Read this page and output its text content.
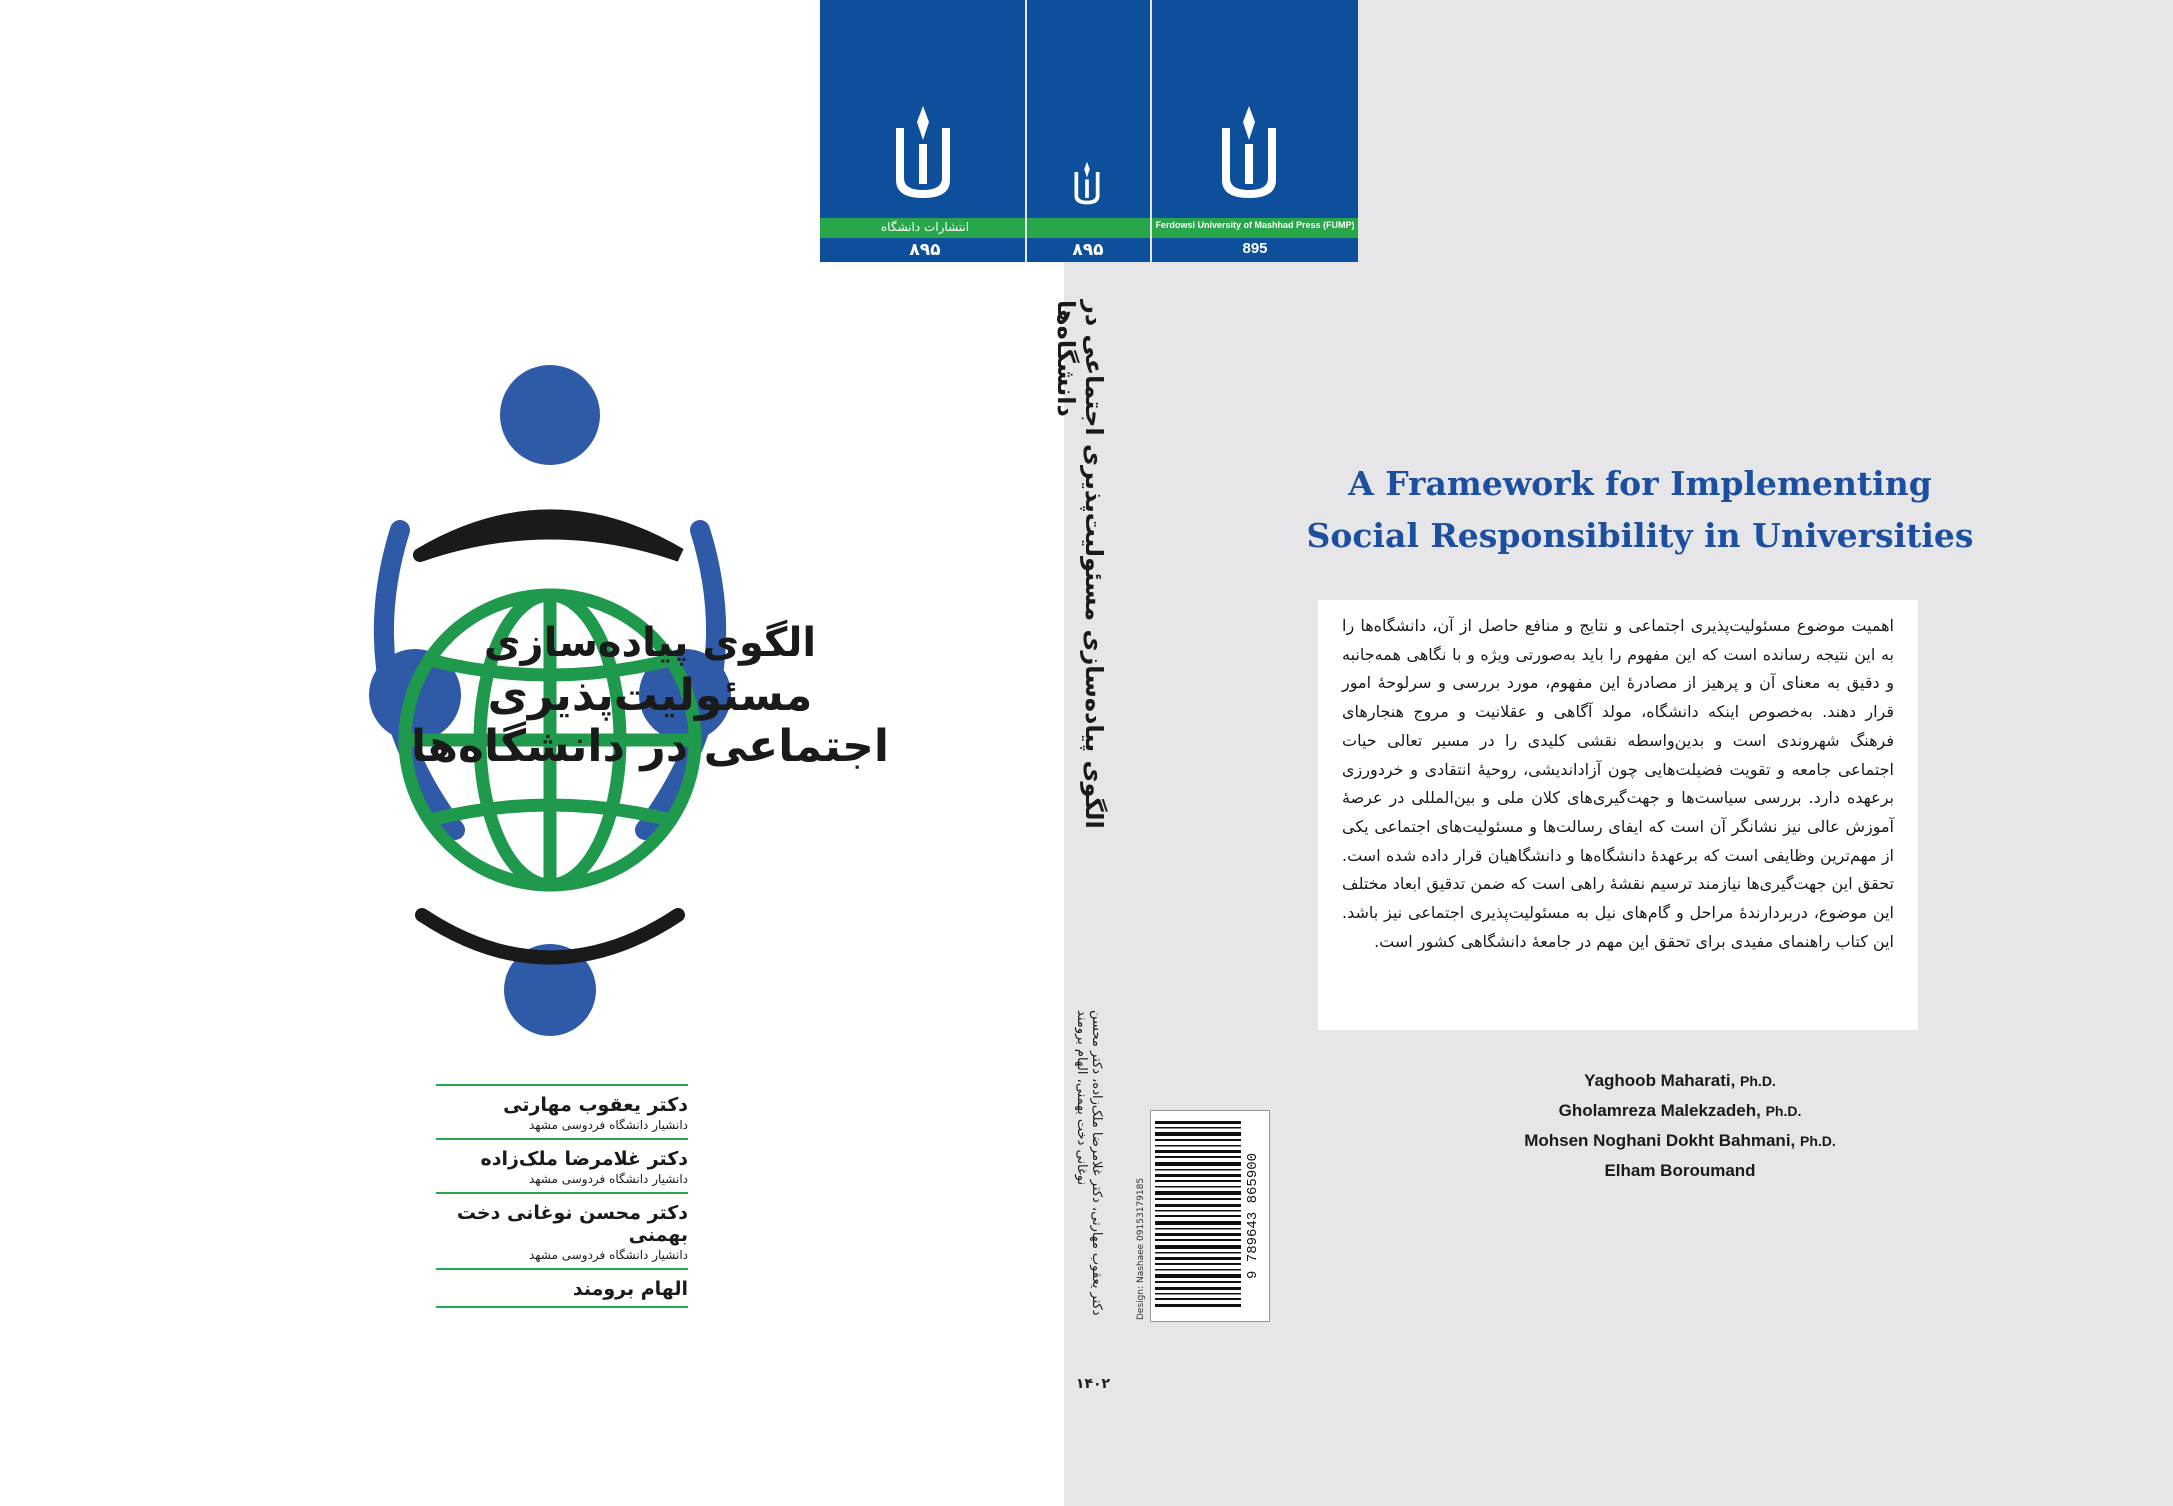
انتشارات دانشگاه
۸۹۵	۸۹۵
Ferdowsi University of Mashhad Press (FUMP)
895
الگوی پیاده‌سازی
مسئولیت‌پذیری اجتماعی در دانشگاه‌ها
دکتر یعقوب مهارتی
دانشیار دانشگاه فردوسی مشهد
دکتر غلامرضا ملک‌زاده
دانشیار دانشگاه فردوسی مشهد
دکتر محسن نوغانی دخت بهمنی
دانشیار دانشگاه فردوسی مشهد
الهام برومند
الگوی پیاده‌سازی مسئولیت‌پذیری اجتماعی در دانشگاه‌ها
دکتر یعقوب مهارتی، دکتر غلامرضا ملک‌زاده، دکتر محسن نوغانی دخت بهمنی، الهام برومند
۱۴۰۲
Design: Nashaee 09153179185	9 789643 865900
A Framework for Implementing Social Responsibility in Universities
اهمیت موضوع مسئولیت‌پذیری اجتماعی و نتایج و منافع حاصل از آن، دانشگاه‌ها را به این نتیجه رسانده است که این مفهوم را باید به‌صورتی ویژه و با نگاهی همه‌جانبه و دقیق به معنای آن و پرهیز از مصادرهٔ این مفهوم، مورد بررسی و سرلوحهٔ امور قرار دهند. به‌خصوص اینکه دانشگاه، مولد آگاهی و عقلانیت و مروج هنجارهای فرهنگ شهروندی است و بدین‌واسطه نقشی کلیدی را در مسیر تعالی حیات اجتماعی جامعه و تقویت فضیلت‌هایی چون آزاداندیشی، روحیهٔ انتقادی و خردورزی برعهده دارد. بررسی سیاست‌ها و جهت‌گیری‌های کلان ملی و بین‌المللی در عرصهٔ آموزش عالی نیز نشانگر آن است که ایفای رسالت‌ها و مسئولیت‌های اجتماعی یکی از مهم‌ترین وظایفی است که برعهدهٔ دانشگاه‌ها و دانشگاهیان قرار داده شده است. تحقق این جهت‌گیری‌ها نیازمند ترسیم نقشهٔ راهی است که ضمن تدقیق ابعاد مختلف این موضوع، دربردارندهٔ مراحل و گام‌های نیل به مسئولیت‌پذیری اجتماعی نیز باشد. این کتاب راهنمای مفیدی برای تحقق این مهم در جامعهٔ دانشگاهی کشور است.
Yaghoob Maharati, Ph.D.
Gholamreza Malekzadeh, Ph.D.
Mohsen Noghani Dokht Bahmani, Ph.D.
Elham Boroumand
